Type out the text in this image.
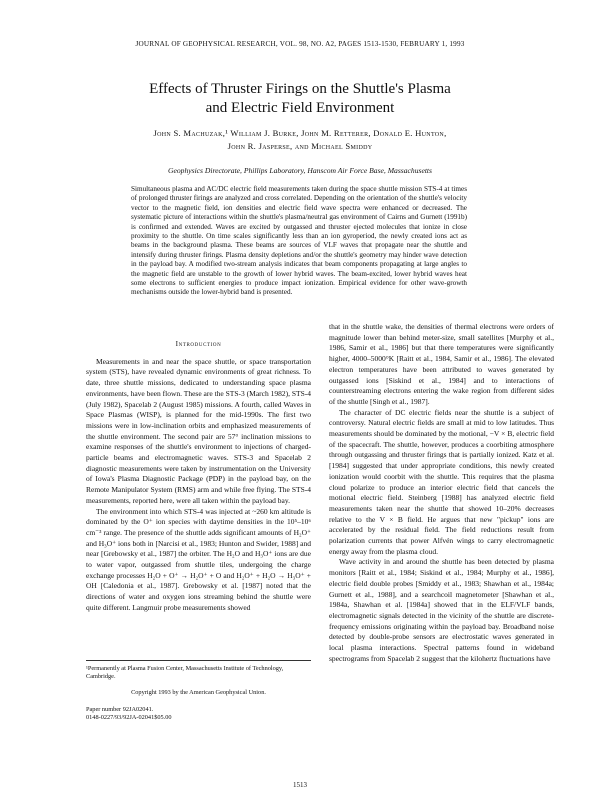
JOURNAL OF GEOPHYSICAL RESEARCH, VOL. 98, NO. A2, PAGES 1513-1530, FEBRUARY 1, 1993
Effects of Thruster Firings on the Shuttle's Plasma
and Electric Field Environment
John S. Machuzak,¹ William J. Burke, John M. Retterer, Donald E. Hunton,
John R. Jasperse, and Michael Smiddy
Geophysics Directorate, Phillips Laboratory, Hanscom Air Force Base, Massachusetts

Simultaneous plasma and AC/DC electric field measurements taken during the space shuttle mission STS-4 at times of prolonged thruster firings are analyzed and cross correlated. Depending on the orientation of the shuttle's velocity vector to the magnetic field, ion densities and electric field wave spectra were enhanced or decreased. The systematic picture of interactions within the shuttle's plasma/neutral gas environment of Cairns and Gurnett (1991b) is confirmed and extended. Waves are excited by outgassed and thruster ejected molecules that ionize in close proximity to the shuttle. On time scales significantly less than an ion gyroperiod, the newly created ions act as beams in the background plasma. These beams are sources of VLF waves that propagate near the shuttle and intensify during thruster firings. Plasma density depletions and/or the shuttle's geometry may hinder wave detection in the payload bay. A modified two-stream analysis indicates that beam components propagating at large angles to the magnetic field are unstable to the growth of lower hybrid waves. The beam-excited, lower hybrid waves heat some electrons to sufficient energies to produce impact ionization. Empirical evidence for other wave-growth mechanisms outside the lower-hybrid band is presented.

Introduction

Measurements in and near the space shuttle, or space transportation system (STS), have revealed dynamic environments of great richness. To date, three shuttle missions, dedicated to understanding space plasma environments, have been flown. These are the STS-3 (March 1982), STS-4 (July 1982), Spacelab 2 (August 1985) missions. A fourth, called Waves in Space Plasmas (WISP), is planned for the mid-1990s. The first two missions were in low-inclination orbits and emphasized measurements of the shuttle environment. The second pair are 57° inclination missions to examine responses of the shuttle's environment to injections of charged-particle beams and electromagnetic waves. STS-3 and Spacelab 2 diagnostic measurements were taken by instrumentation on the University of Iowa's Plasma Diagnostic Package (PDP) in the payload bay, on the Remote Manipulator System (RMS) arm and while free flying. The STS-4 measurements, reported here, were all taken within the payload bay.

The environment into which STS-4 was injected at ~260 km altitude is dominated by the O⁺ ion species with daytime densities in the 10⁵–10⁶ cm⁻³ range. The presence of the shuttle adds significant amounts of H₂O⁺ and H₃O⁺ ions both in [Narcisi et al., 1983; Hunton and Swider, 1988] and near [Grebowsky et al., 1987] the orbiter. The H₂O and H₃O⁺ ions are due to water vapor, outgassed from shuttle tiles, undergoing the charge exchange processes H₂O + O⁺ → H₂O⁺ + O and H₂O⁺ + H₂O → H₃O⁺ + OH [Caledonia et al., 1987]. Grebowsky et al. [1987] noted that the directions of water and oxygen ions streaming behind the shuttle were quite different. Langmuir probe measurements showed

¹Permanently at Plasma Fusion Center, Massachusetts Institute of Technology, Cambridge.

Copyright 1993 by the American Geophysical Union.

Paper number 92JA02041.

0148-0227/93/92JA-02041$05.00

that in the shuttle wake, the densities of thermal electrons were orders of magnitude lower than behind meter-size, small satellites [Murphy et al., 1986, Samir et al., 1986] but that there temperatures were significantly higher, 4000–5000°K [Raitt et al., 1984, Samir et al., 1986]. The elevated electron temperatures have been attributed to waves generated by outgassed ions [Siskind et al., 1984] and to interactions of counterstreaming electrons entering the wake region from different sides of the shuttle [Singh et al., 1987].

The character of DC electric fields near the shuttle is a subject of controversy. Natural electric fields are small at mid to low latitudes. Thus measurements should be dominated by the motional, −V × B, electric field of the spacecraft. The shuttle, however, produces a coorbiting atmosphere through outgassing and thruster firings that is partially ionized. Katz et al. [1984] suggested that under appropriate conditions, this newly created ionization would coorbit with the shuttle. This requires that the plasma cloud polarize to produce an interior electric field that cancels the motional electric field. Steinberg [1988] has analyzed electric field measurements taken near the shuttle that showed 10–20% decreases relative to the V × B field. He argues that new "pickup" ions are accelerated by the residual field. The field reductions result from polarization currents that power Alfvén wings to carry electromagnetic energy away from the plasma cloud.

Wave activity in and around the shuttle has been detected by plasma monitors [Raitt et al., 1984; Siskind et al., 1984; Murphy et al., 1986], electric field double probes [Smiddy et al., 1983; Shawhan et al., 1984a; Gurnett et al., 1988], and a searchcoil magnetometer [Shawhan et al., 1984a, Shawhan et al. [1984a] showed that in the ELF/VLF bands, electromagnetic signals detected in the vicinity of the shuttle are discrete-frequency emissions originating within the payload bay. Broadband noise detected by double-probe sensors are electrostatic waves generated in local plasma interactions. Spectral patterns found in wideband spectrograms from Spacelab 2 suggest that the kilohertz fluctuations have

1513
